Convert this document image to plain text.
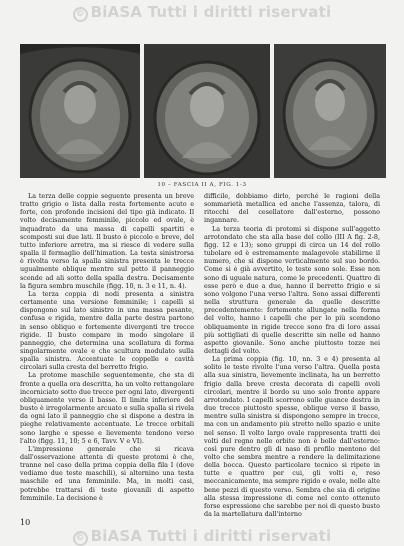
© BiASA Tutti i diritti riservati
10 – FASCIA II A, FIG. 1-3

La terza delle coppie seguente presenta un breve tratto grigio o lista dalla resta fortemente acuto e forte, con profonde incisioni del tipo già indicato. Il volto decisamente femminile, piccolo ed ovale, è inquadrato da una massa di capelli spartiti e scomposti sui due lati. Il busto è piccolo e breve, del tutto inferiore arretra, ma si riesce di vedere sulla spalla il fermaglio dell'himation. La testa sinistrorsa è rivolta verso la spalla sinistra presenta le trecce ugualmente oblique mentre sul petto il panneggio scende ad ali sotto della spalla destra. Decisamente la figura sembra muschile (figg. 10, n. 3 e 11, n. 4).

La terza coppia di nodi presenta a sinistra certamente una versione femminile; i capelli si dispongono sul lato sinistro in una massa pesante, confusa e rigida, mentre dalla parte destra partono in senso obliquo e fortemente divergenti tre trecce rigide. Il busto compare in modo singolare il panneggio, che determina una scollatura di forma singolarmente ovale e che scultura modulato sulla spalla sinistra. Accentuate le coppelle e cavità circolari sulla cresta del berretto frigio.

La protome maschile seguentemente, che sta di fronte a quella ora descritta, ha un volto rettangolare incorniciato sotto due trecce per ogni lato, divergenti obliquamente verso il basso. Il limite inferiore del busto è irregolarmente arcuato e sulla spalla si rivela da ogni lato il panneggio che si dispone a destra in pieghe relativamente accentuate. Le trecce orbitali sono larghe e spesse e lievemente tendono verso l'alto (figg. 11, 10; 5 e 6, Tavv. V e VI).

L'impressione generale che si ricava dall'osservazione attenta di queste protomi è che, tranne nel caso della prima coppia della fila I (dove vediamo due teste maschili), si alternino una testa maschile ed una femminile. Ma, in molti casi, potrebbe trattarsi di teste giovanili di aspetto femminile. La decisione è

difficile, dobbiamo dirlo, perché le ragioni della sommarietà metallica ed anche l'assenza, talora, di ritocchi del cesellatore dall'esterno, possono ingannare.

La terza teoria di protomi si dispone sull'aggetto arrotondato che sta alla base del collo (III A fig. 2-8, figg. 12 e 13); sono gruppi di circa un 14 del rollo tubolare ed è estremamente malagevole stabilirne il numero, che si dispone verticalmente sul suo bordo. Come si è già avvertito, le teste sono sole. Esse non sono di uguale natura, come le precedenti. Quattro di esse però e due a due, hanno il berretto frigio e si sono volgono l'una verso l'altra. Sono assai differenti nella struttura generale da quelle descritte precedentemente: fortemente allungate nella forma del volto, hanno i capelli che per lo più scendono obliquamente in rigide trecce sono fra di loro assai più sottigliati di quelle descritte sin nelle ed hanno aspetto giovanile. Sono anche piuttosto tozze nei dettagli del volto.

La prima coppia (fig. 10, nn. 3 e 4) presenta al solito le teste rivolte l'una verso l'altra. Quella posta alla sua sinistra, lievemente inclinata, ha un berretto frigio dalla breve cresta decorata di capelli ovoli circolari, mentre il bordo su uno solo fronte appare arrotondato. I capelli scorrono sulle guance destra in due trecce piuttosto spesse, oblique verso il basso, mentre sulla sinistra si dispongono sempre in trecce, ma con un andamento più stretto nello spazio e unite nel senso. Il volto largo ovale rappresenta tratti dei volti del regno nelle orbite non è bolle dall'esterno: così pure dentro gli di naso di profilo mentono del volto che sembra mentre a rendere la delimitazione della bocca. Questo particolare tecnico si ripete in tutte e quattro per cui, gli volti e, reso meccanicamente, ma sempre rigido e ovale, nelle alte bene pezzi di questo verso. Sembra che sia di origine alla stessa impressione di come nel conto ottenuto forse espressione che sarebbe per noi di questo busto da la martellatura dall'interno

10
© BiASA Tutti i diritti riservati
